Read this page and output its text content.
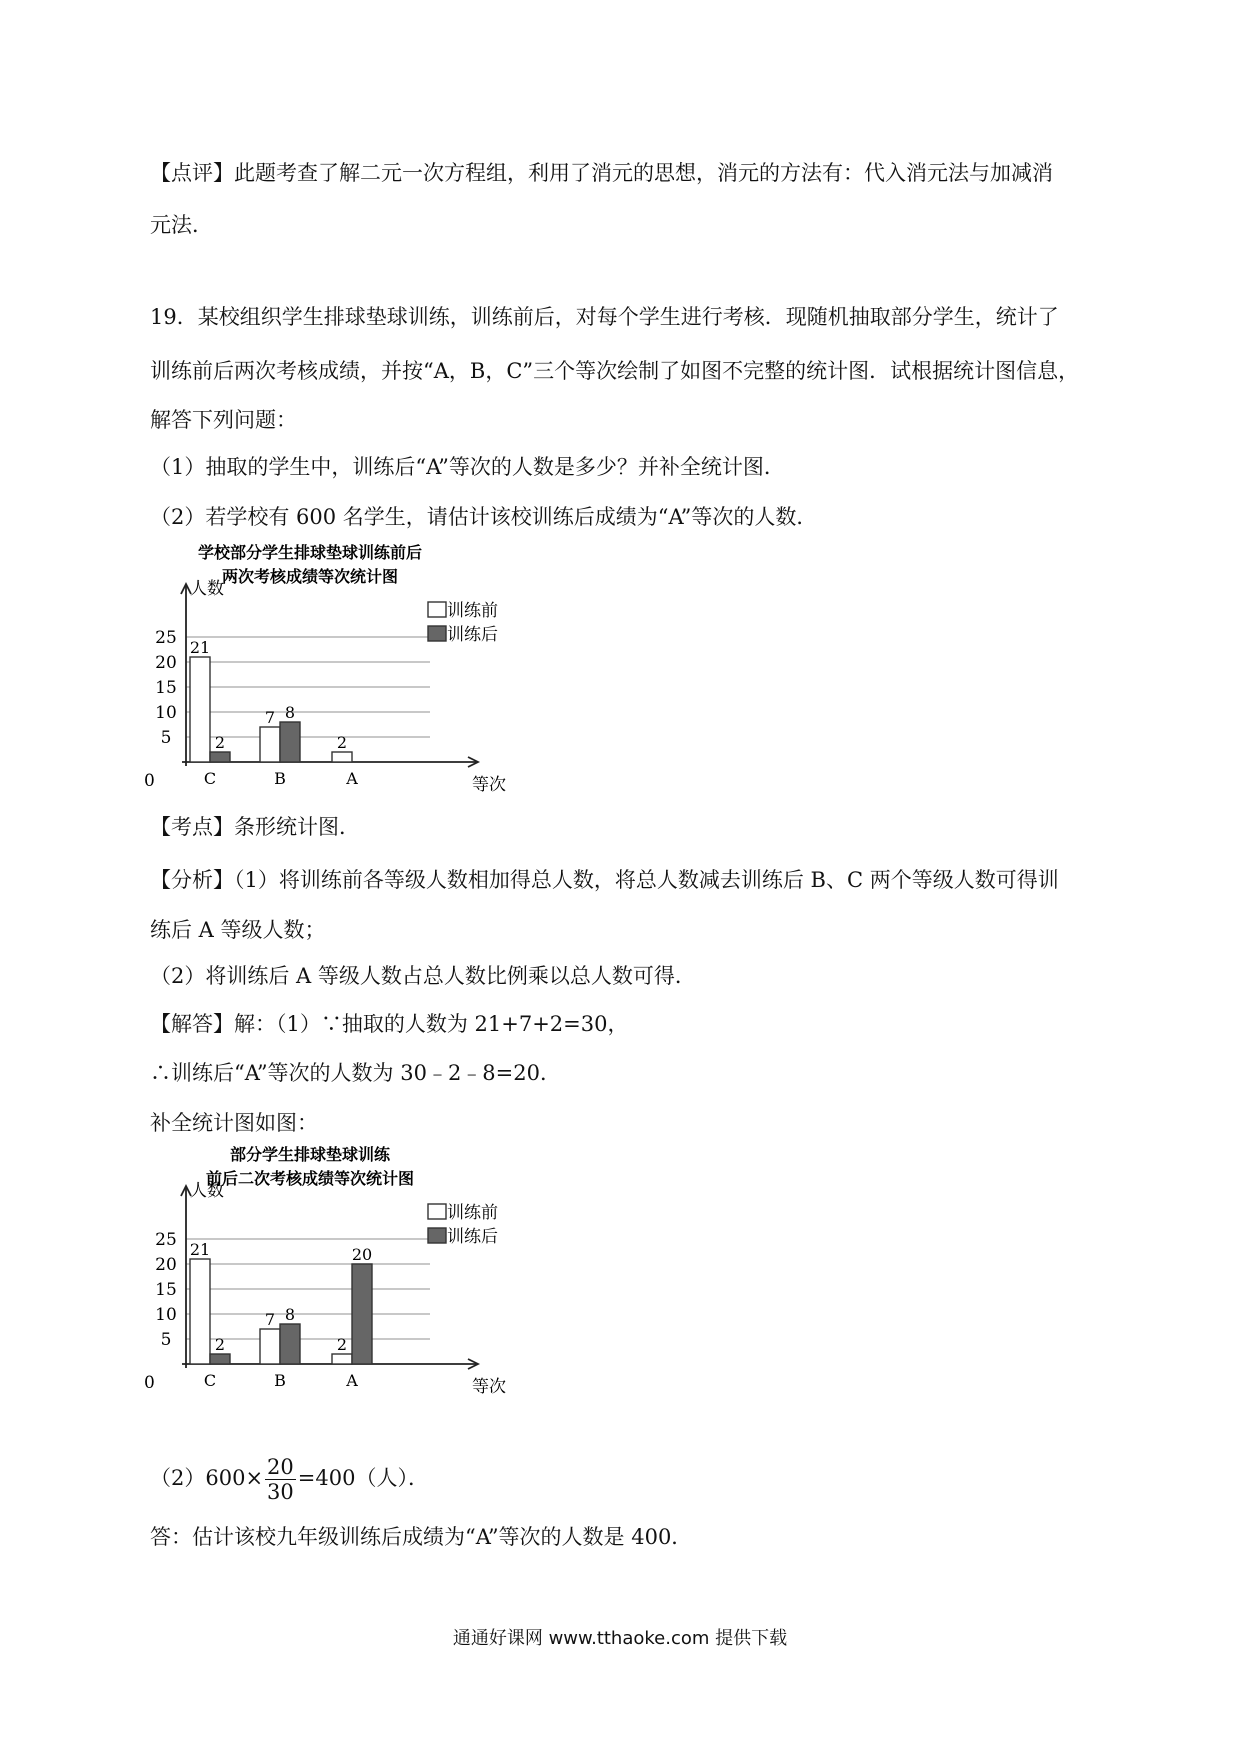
【点评】此题考查了解二元一次方程组，利用了消元的思想，消元的方法有：代入消元法与加减消
元法．
19．某校组织学生排球垫球训练，训练前后，对每个学生进行考核．现随机抽取部分学生，统计了
训练前后两次考核成绩，并按“A，B，C”三个等次绘制了如图不完整的统计图．试根据统计图信息，
解答下列问题：
（1）抽取的学生中，训练后“A”等次的人数是多少？并补全统计图．
（2）若学校有 600 名学生，请估计该校训练后成绩为“A”等次的人数．
学校部分学生排球垫球训练前后
两次考核成绩等次统计图
人数
等次
0
5
10
15
20
25 21
2
C
7 8
B
2
A
训练前
训练后
【考点】条形统计图．
【分析】（1）将训练前各等级人数相加得总人数，将总人数减去训练后 B、C 两个等级人数可得训
练后 A 等级人数；
（2）将训练后 A 等级人数占总人数比例乘以总人数可得．
【解答】解：（1）∵抽取的人数为 21+7+2=30，
∴训练后“A”等次的人数为 30﹣2﹣8=20．
补全统计图如图：
部分学生排球垫球训练
前后二次考核成绩等次统计图
人数
等次
0
5
10
15
20
25 21
2
C
7 8
B
2
20
A
训练前
训练后
$(2)600\times \frac{20}{30} =400$（人）．
答：估计该校九年级训练后成绩为“A”等次的人数是 400．
通通好课网 www.tthaoke.com 提供下载
